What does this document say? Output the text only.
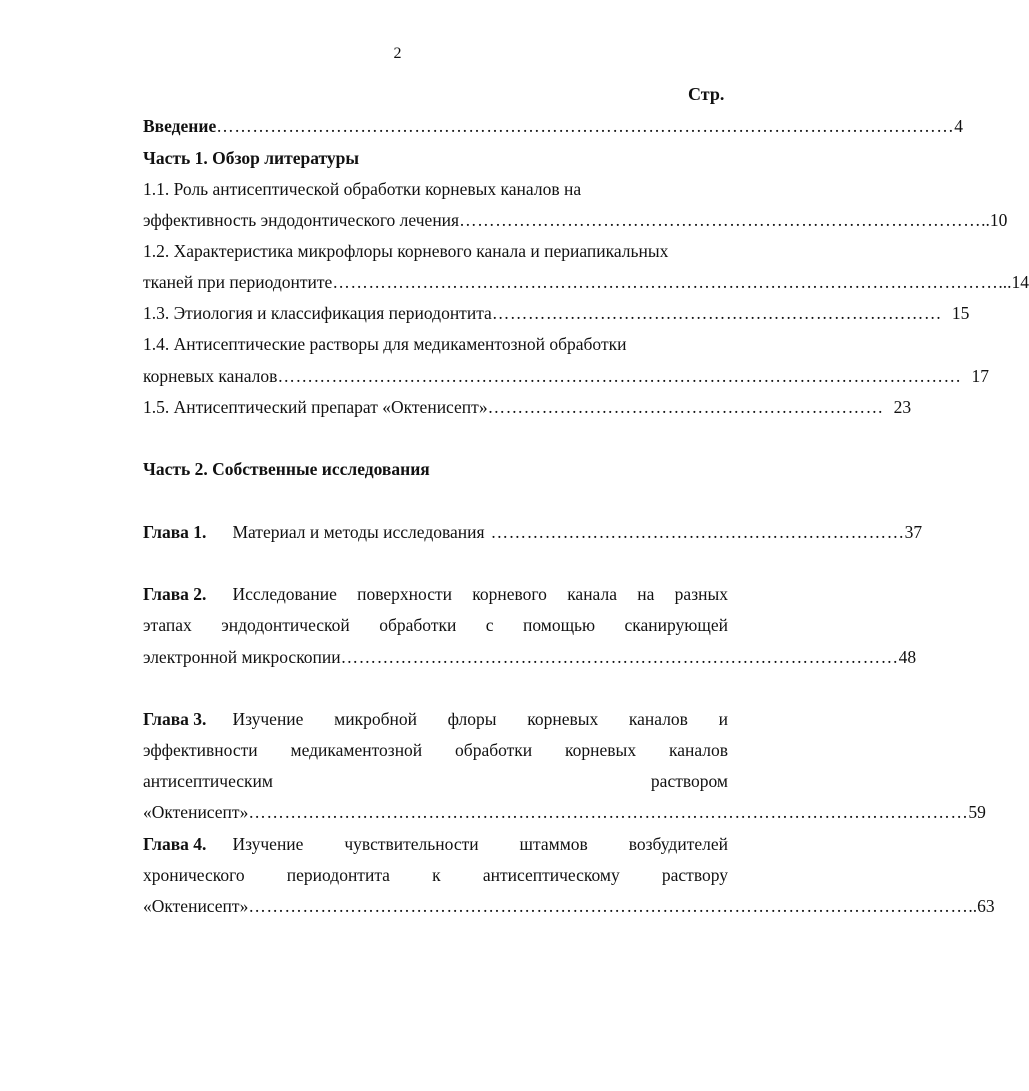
2
Стр.
Введение …………………………………………………………………………………………………………… 4
Часть 1. Обзор литературы
1.1. Роль антисептической обработки корневых каналов на
эффективность эндодонтического лечения …………………………………………………………………………… ..10
1.2. Характеристика микрофлоры корневого канала и периапикальных
тканей при периодонтите ………………………………………………………………………………………………… ...14
1.3. Этиология и классификация периодонтита ………………………………………………………………… 15
1.4. Антисептические растворы для медикаментозной обработки
корневых каналов …………………………………………………………………………………………………… 17
1.5. Антисептический препарат «Октенисепт» ………………………………………………………… 23
Часть 2. Собственные исследования
Глава 1. Материал и методы исследования …………………………………………………………… 37
Глава 2. Исследование поверхности корневого канала на разных
этапах эндодонтической обработки с помощью сканирующей
электронной микроскопии ………………………………………………………………………………… 48
Глава 3. Изучение микробной флоры корневых каналов и
эффективности медикаментозной обработки корневых каналов
антисептическим раствором
«Октенисепт» ………………………………………………………………………………………………………… 59
Глава 4. Изучение чувствительности штаммов возбудителей
хронического периодонтита к антисептическому раствору
«Октенисепт» ………………………………………………………………………………………………………… ..63
